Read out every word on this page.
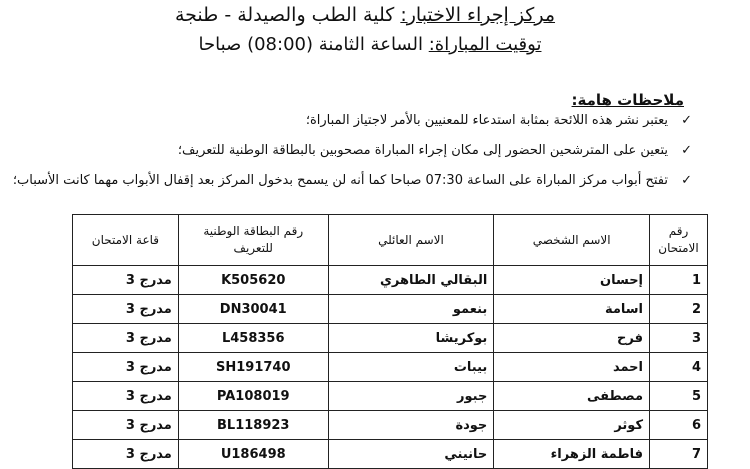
مركز إجراء الاختبار: كلية الطب والصيدلة - طنجة
توقيت المباراة: الساعة الثامنة (08:00) صباحا
ملاحظات هامة:
✓
يعتبر نشر هذه اللائحة بمثابة استدعاء للمعنيين بالأمر لاجتياز المباراة؛
✓
يتعين على المترشحين الحضور إلى مكان إجراء المباراة مصحوبين بالبطاقة الوطنية للتعريف؛
✓
تفتح أبواب مركز المباراة على الساعة 07:30 صباحا كما أنه لن يسمح بدخول المركز بعد إقفال الأبواب مهما كانت الأسباب؛
رقم الامتحان	الاسم الشخصي	الاسم العائلي	رقم البطاقة الوطنية للتعريف	قاعة الامتحان
1	إحسان	البقالي الطاهري	K505620	مدرج 3
2	اسامة	بنعمو	DN30041	مدرج 3
3	فرح	بوكريشا	L458356	مدرج 3
4	احمد	بيبات	SH191740	مدرج 3
5	مصطفى	جبور	PA108019	مدرج 3
6	كوثر	جودة	BL118923	مدرج 3
7	فاطمة الزهراء	حانيني	U186498	مدرج 3
